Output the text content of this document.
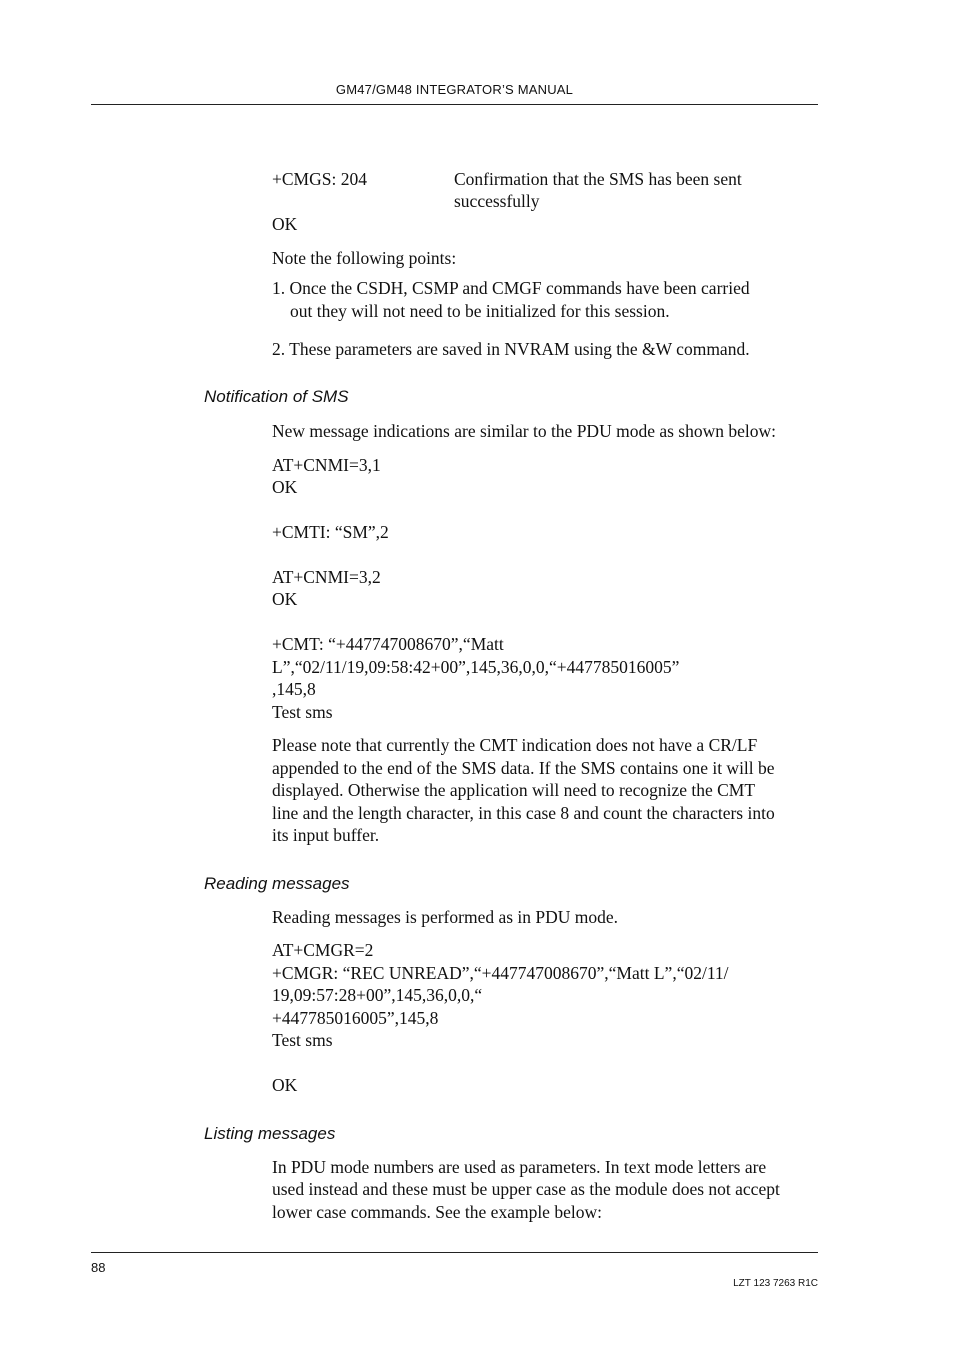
GM47/GM48 INTEGRATOR’S MANUAL
+CMGS: 204	Confirmation that the SMS has been sent
successfully
OK
Note the following points:
1. Once the CSDH, CSMP and CMGF commands have been carried
out they will not need to be initialized for this session.
2. These parameters are saved in NVRAM using the &W command.
Notification of SMS
New message indications are similar to the PDU mode as shown below:
AT+CNMI=3,1
OK
+CMTI: “SM”,2
AT+CNMI=3,2
OK
+CMT: “+447747008670”,“Matt
L”,“02/11/19,09:58:42+00”,145,36,0,0,“+447785016005”
,145,8
Test sms
Please note that currently the CMT indication does not have a CR/LF
appended to the end of the SMS data. If the SMS contains one it will be
displayed. Otherwise the application will need to recognize the CMT
line and the length character, in this case 8 and count the characters into
its input buffer.
Reading messages
Reading messages is performed as in PDU mode.
AT+CMGR=2
+CMGR: “REC UNREAD”,“+447747008670”,“Matt L”,“02/11/
19,09:57:28+00”,145,36,0,0,“
+447785016005”,145,8
Test sms
OK
Listing messages
In PDU mode numbers are used as parameters. In text mode letters are
used instead and these must be upper case as the module does not accept
lower case commands. See the example below:
88
LZT 123 7263 R1C
